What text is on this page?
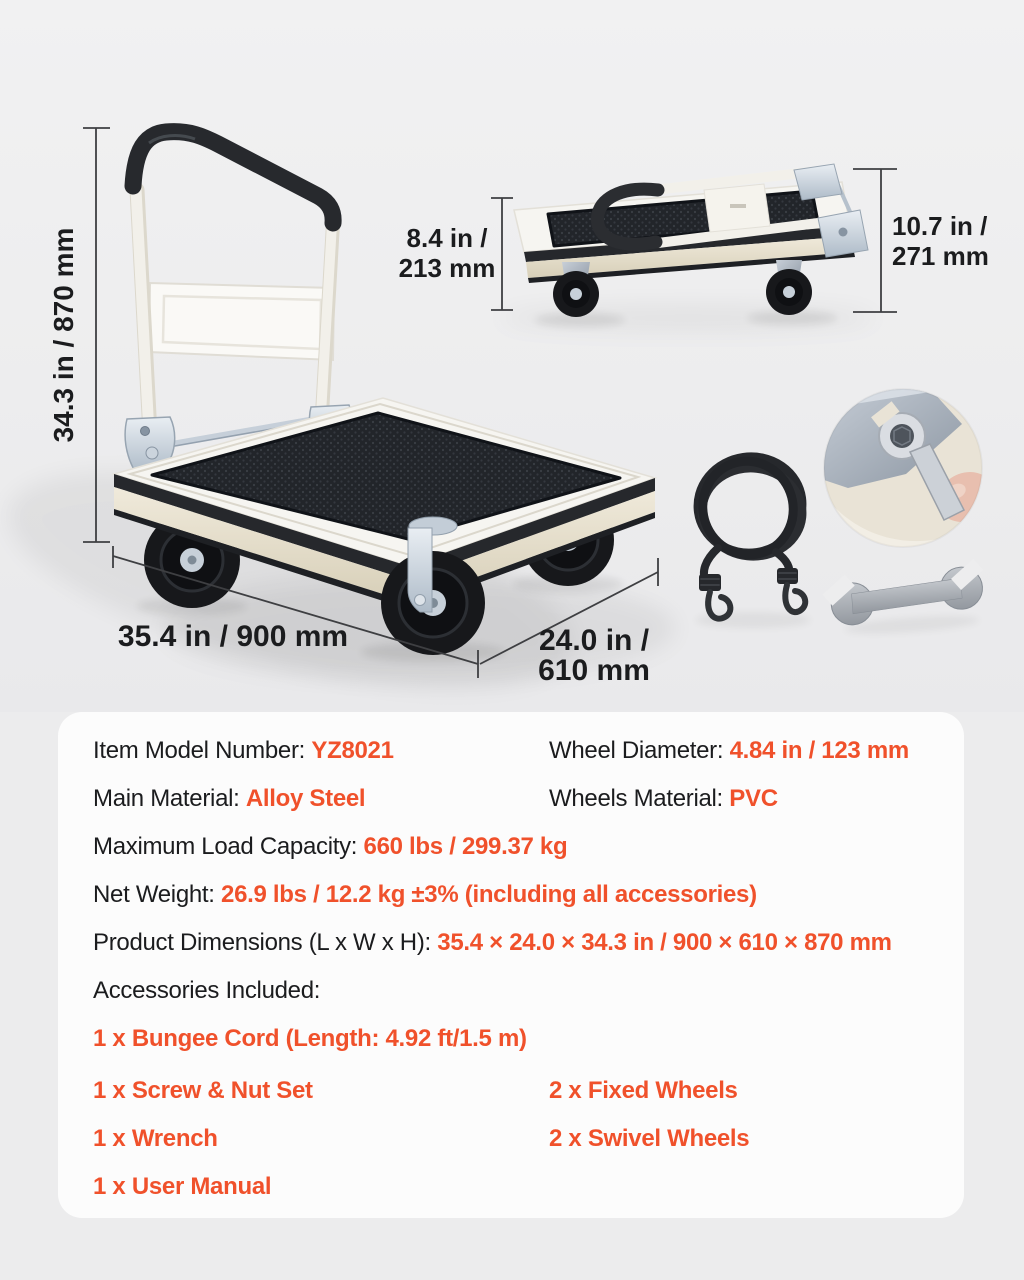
34.3 in / 870 mm
35.4 in / 900 mm	24.0 in /
610 mm
8.4 in /
213 mm
10.7 in /
271 mm
Item Model Number: YZ8021	Wheel Diameter: 4.84 in / 123 mm
Main Material: Alloy Steel	Wheels Material: PVC
Maximum Load Capacity: 660 lbs / 299.37 kg
Net Weight: 26.9 lbs / 12.2 kg ±3% (including all accessories)
Product Dimensions (L x W x H): 35.4 × 24.0 × 34.3 in / 900 × 610 × 870 mm
Accessories Included:
1 x Bungee Cord (Length: 4.92 ft/1.5 m)
1 x Screw & Nut Set	2 x Fixed Wheels
1 x Wrench	2 x Swivel Wheels
1 x User Manual
